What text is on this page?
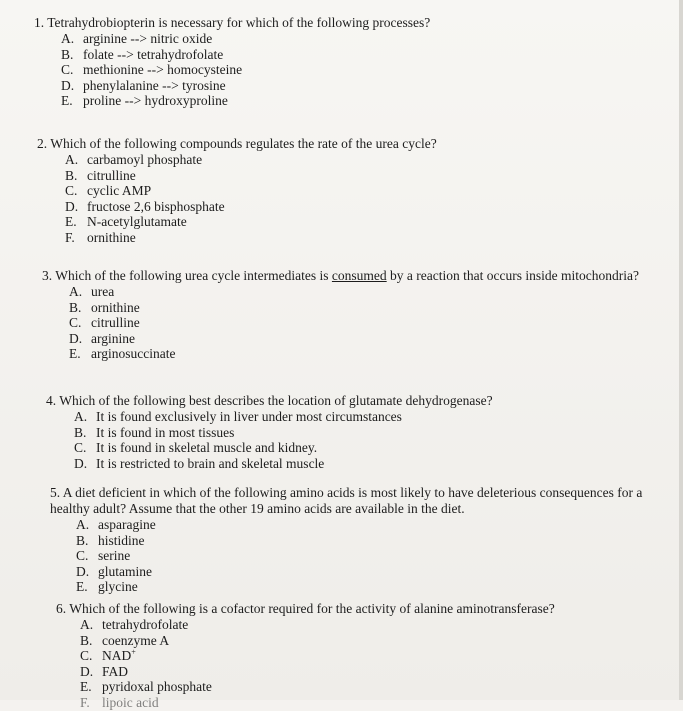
1. Tetrahydrobiopterin is necessary for which of the following processes?

A. arginine --> nitric oxide
B. folate --> tetrahydrofolate
C. methionine --> homocysteine
D. phenylalanine --> tyrosine
E. proline --> hydroxyproline

2. Which of the following compounds regulates the rate of the urea cycle?

A. carbamoyl phosphate
B. citrulline
C. cyclic AMP
D. fructose 2,6 bisphosphate
E. N-acetylglutamate
F. ornithine

3. Which of the following urea cycle intermediates is consumed by a reaction that occurs inside mitochondria?

A. urea
B. ornithine
C. citrulline
D. arginine
E. arginosuccinate

4. Which of the following best describes the location of glutamate dehydrogenase?

A. It is found exclusively in liver under most circumstances
B. It is found in most tissues
C. It is found in skeletal muscle and kidney.
D. It is restricted to brain and skeletal muscle

5. A diet deficient in which of the following amino acids is most likely to have deleterious consequences for a healthy adult? Assume that the other 19 amino acids are available in the diet.

A. asparagine
B. histidine
C. serine
D. glutamine
E. glycine

6. Which of the following is a cofactor required for the activity of alanine aminotransferase?

A. tetrahydrofolate
B. coenzyme A
C. NAD+
D. FAD
E. pyridoxal phosphate
F. lipoic acid
